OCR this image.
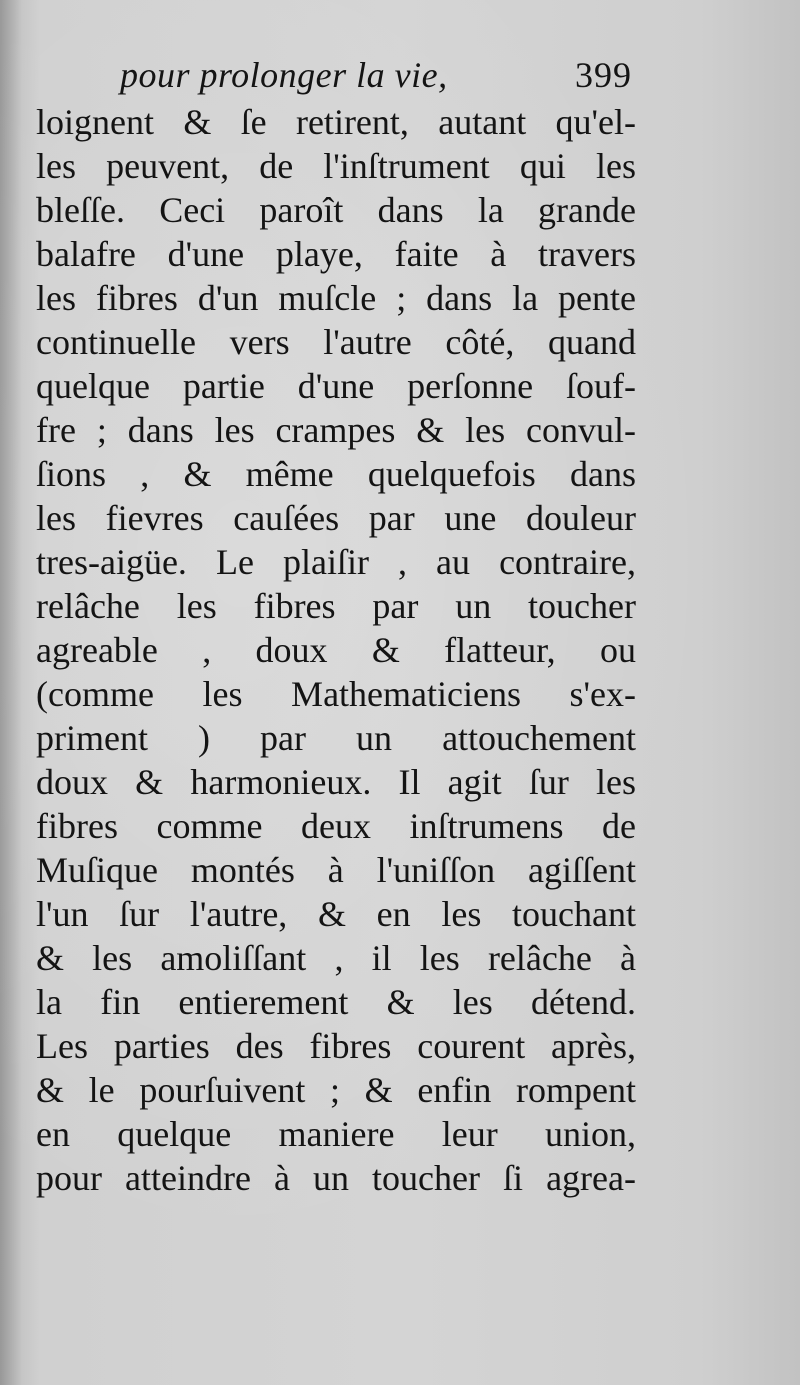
pour prolonger la vie,	399
loignent & ſe retirent, autant qu'el-
les peuvent, de l'inſtrument qui les
bleſſe. Ceci paroît dans la grande
balafre d'une playe, faite à travers
les fibres d'un muſcle ; dans la pente
continuelle vers l'autre côté, quand
quelque partie d'une perſonne ſouf-
fre ; dans les crampes & les convul-
ſions , & même quelquefois dans
les fievres cauſées par une douleur
tres-aigüe. Le plaiſir , au contraire,
relâche les fibres par un toucher
agreable , doux & flatteur, ou
(comme les Mathematiciens s'ex-
priment ) par un attouchement
doux & harmonieux. Il agit ſur les
fibres comme deux inſtrumens de
Muſique montés à l'uniſſon agiſſent
l'un ſur l'autre, & en les touchant
& les amoliſſant , il les relâche à
la fin entierement & les détend.
Les parties des fibres courent après,
& le pourſuivent ; & enfin rompent
en quelque maniere leur union,
pour atteindre à un toucher ſi agrea-
